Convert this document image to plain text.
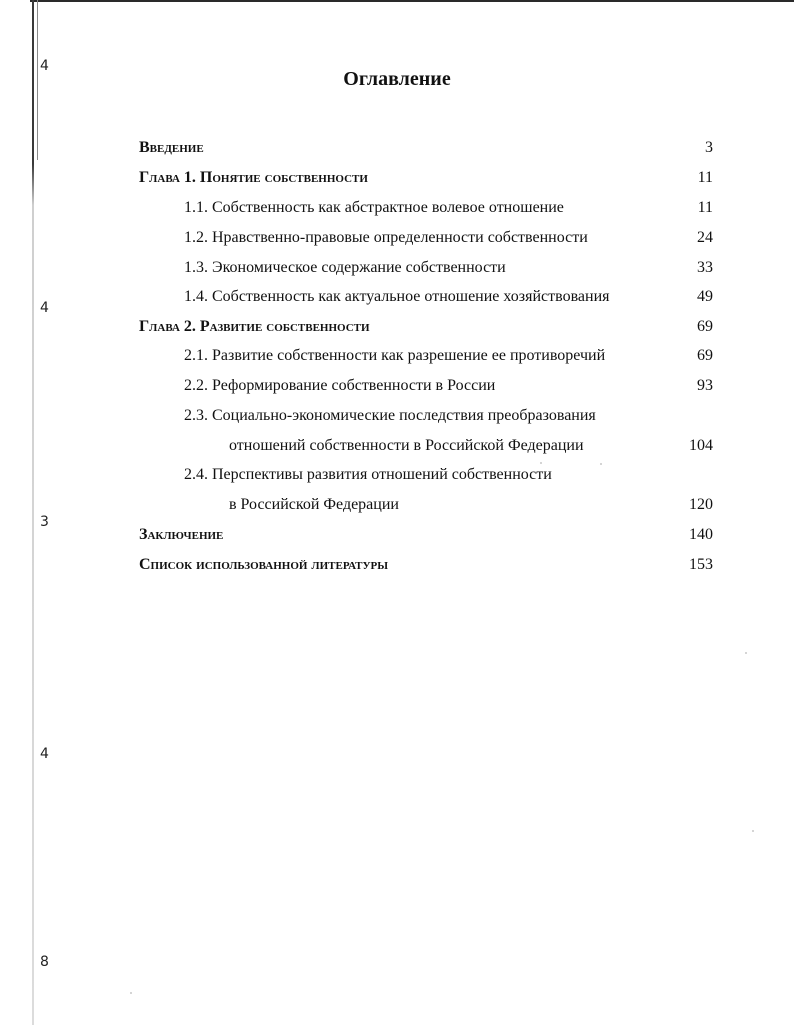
4
4
3
4
8
Оглавление
Введение	3
Глава 1. Понятие собственности	11
1.1. Собственность как абстрактное волевое отношение	11
1.2. Нравственно-правовые определенности собственности	24
1.3. Экономическое содержание собственности	33
1.4. Собственность как актуальное отношение хозяйствования	49
Глава 2. Развитие собственности	69
2.1. Развитие собственности как разрешение ее противоречий	69
2.2. Реформирование собственности в России	93
2.3. Социально-экономические последствия преобразования
отношений собственности в Российской Федерации	104
2.4. Перспективы развития отношений собственности
в Российской Федерации	120
Заключение	140
Список использованной литературы	153
